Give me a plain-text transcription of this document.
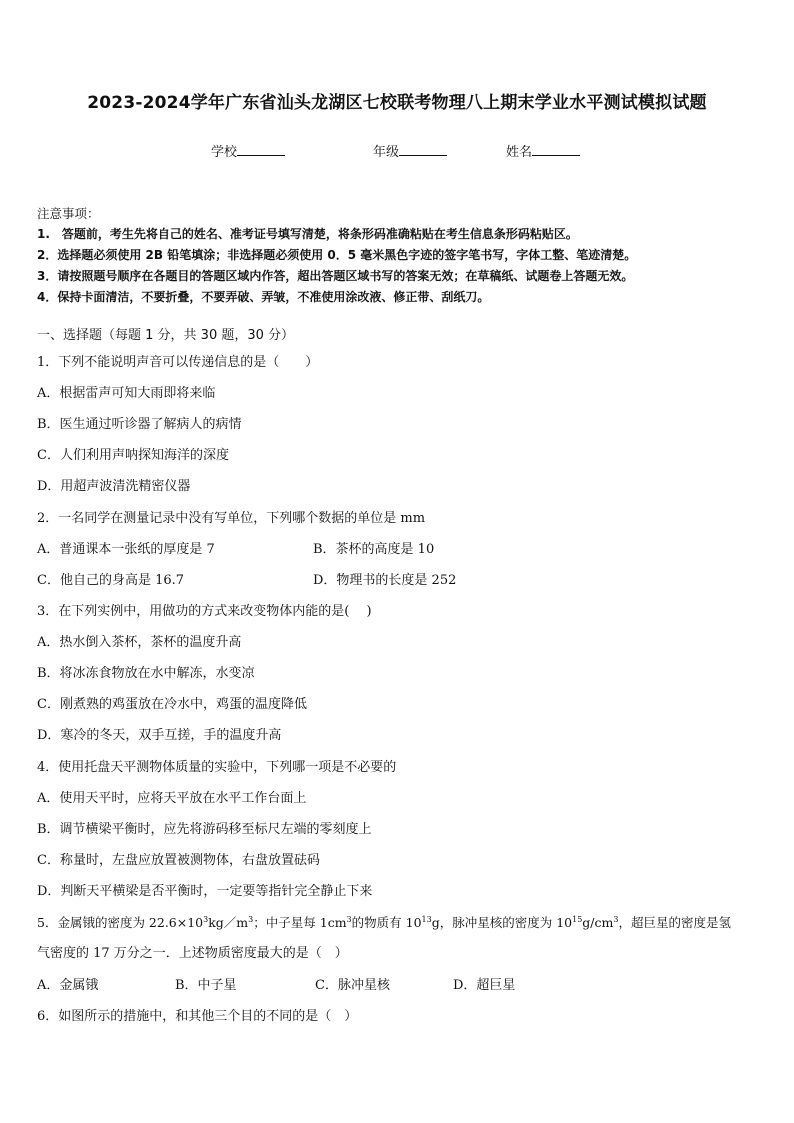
2023-2024学年广东省汕头龙湖区七校联考物理八上期末学业水平测试模拟试题
学校	年级	姓名
注意事项：
1.　答题前，考生先将自己的姓名、准考证号填写清楚，将条形码准确粘贴在考生信息条形码粘贴区。
2．选择题必须使用 2B 铅笔填涂；非选择题必须使用 0．5 毫米黑色字迹的签字笔书写，字体工整、笔迹清楚。
3．请按照题号顺序在各题目的答题区域内作答，超出答题区域书写的答案无效；在草稿纸、试题卷上答题无效。
4．保持卡面清洁，不要折叠，不要弄破、弄皱，不准使用涂改液、修正带、刮纸刀。
一、选择题（每题 1 分，共 30 题，30 分）
1．下列不能说明声音可以传递信息的是（　　）
A．根据雷声可知大雨即将来临
B．医生通过听诊器了解病人的病情
C．人们利用声呐探知海洋的深度
D．用超声波清洗精密仪器
2．一名同学在测量记录中没有写单位，下列哪个数据的单位是 mm
A．普通课本一张纸的厚度是 7	B．茶杯的高度是 10
C．他自己的身高是 16.7	D．物理书的长度是 252
3．在下列实例中，用做功的方式来改变物体内能的是(　 )
A．热水倒入茶杯，茶杯的温度升高
B．将冰冻食物放在水中解冻，水变凉
C．刚煮熟的鸡蛋放在冷水中，鸡蛋的温度降低
D．寒冷的冬天，双手互搓，手的温度升高
4．使用托盘天平测物体质量的实验中，下列哪一项是不必要的
A．使用天平时，应将天平放在水平工作台面上
B．调节横梁平衡时，应先将游码移至标尺左端的零刻度上
C．称量时，左盘应放置被测物体，右盘放置砝码
D．判断天平横梁是否平衡时，一定要等指针完全静止下来
5．金属锇的密度为 $22.6\times 10^3kg/m^3$；中子星每 $1cm^3$的物质有 $10^{13}g$，脉冲星核的密度为 $10^{15}g/cm^3$，超巨星的密度是氢
气密度的 17 万分之一．上述物质密度最大的是（　）
A．金属锇	B．中子星	C．脉冲星核	D．超巨星
6．如图所示的措施中，和其他三个目的不同的是（　）
